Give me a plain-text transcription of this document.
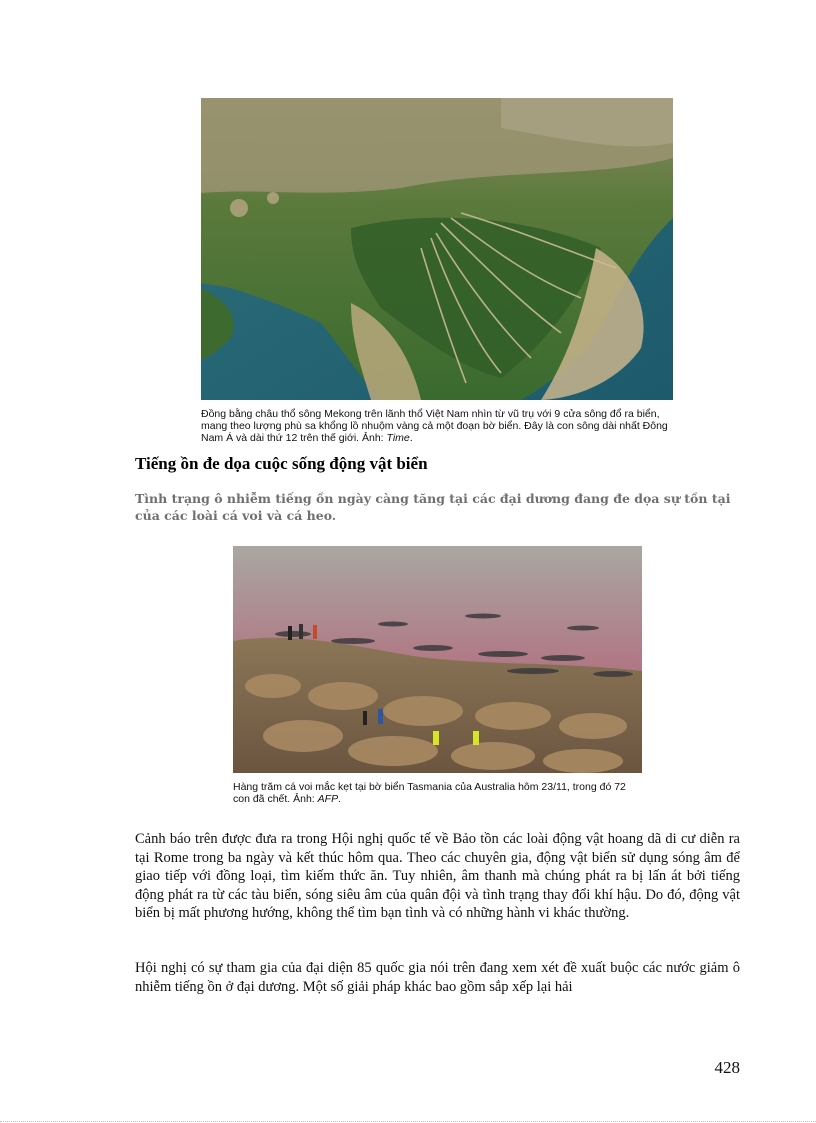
Đồng bằng châu thổ sông Mekong trên lãnh thổ Việt Nam nhìn từ vũ trụ với 9 cửa sông đổ ra biển, mang theo lượng phù sa khổng lồ nhuộm vàng cả một đoạn bờ biển. Đây là con sông dài nhất Đông Nam Á và dài thứ 12 trên thế giới. Ảnh: Time.
Tiếng ồn đe dọa cuộc sống động vật biển
Tình trạng ô nhiễm tiếng ồn ngày càng tăng tại các đại dương đang đe dọa sự tồn tại của các loài cá voi và cá heo.
Hàng trăm cá voi mắc kẹt tại bờ biển Tasmania của Australia hôm 23/11, trong đó 72 con đã chết. Ảnh: AFP.
Cảnh báo trên được đưa ra trong Hội nghị quốc tế về Bảo tồn các loài động vật hoang dã di cư diễn ra tại Rome trong ba ngày và kết thúc hôm qua. Theo các chuyên gia, động vật biển sử dụng sóng âm để giao tiếp với đồng loại, tìm kiếm thức ăn. Tuy nhiên, âm thanh mà chúng phát ra bị lấn át bởi tiếng động phát ra từ các tàu biển, sóng siêu âm của quân đội và tình trạng thay đổi khí hậu. Do đó, động vật biển bị mất phương hướng, không thể tìm bạn tình và có những hành vi khác thường.
Hội nghị có sự tham gia của đại diện 85 quốc gia nói trên đang xem xét đề xuất buộc các nước giảm ô nhiễm tiếng ồn ở đại dương. Một số giải pháp khác bao gồm sắp xếp lại hải
428
